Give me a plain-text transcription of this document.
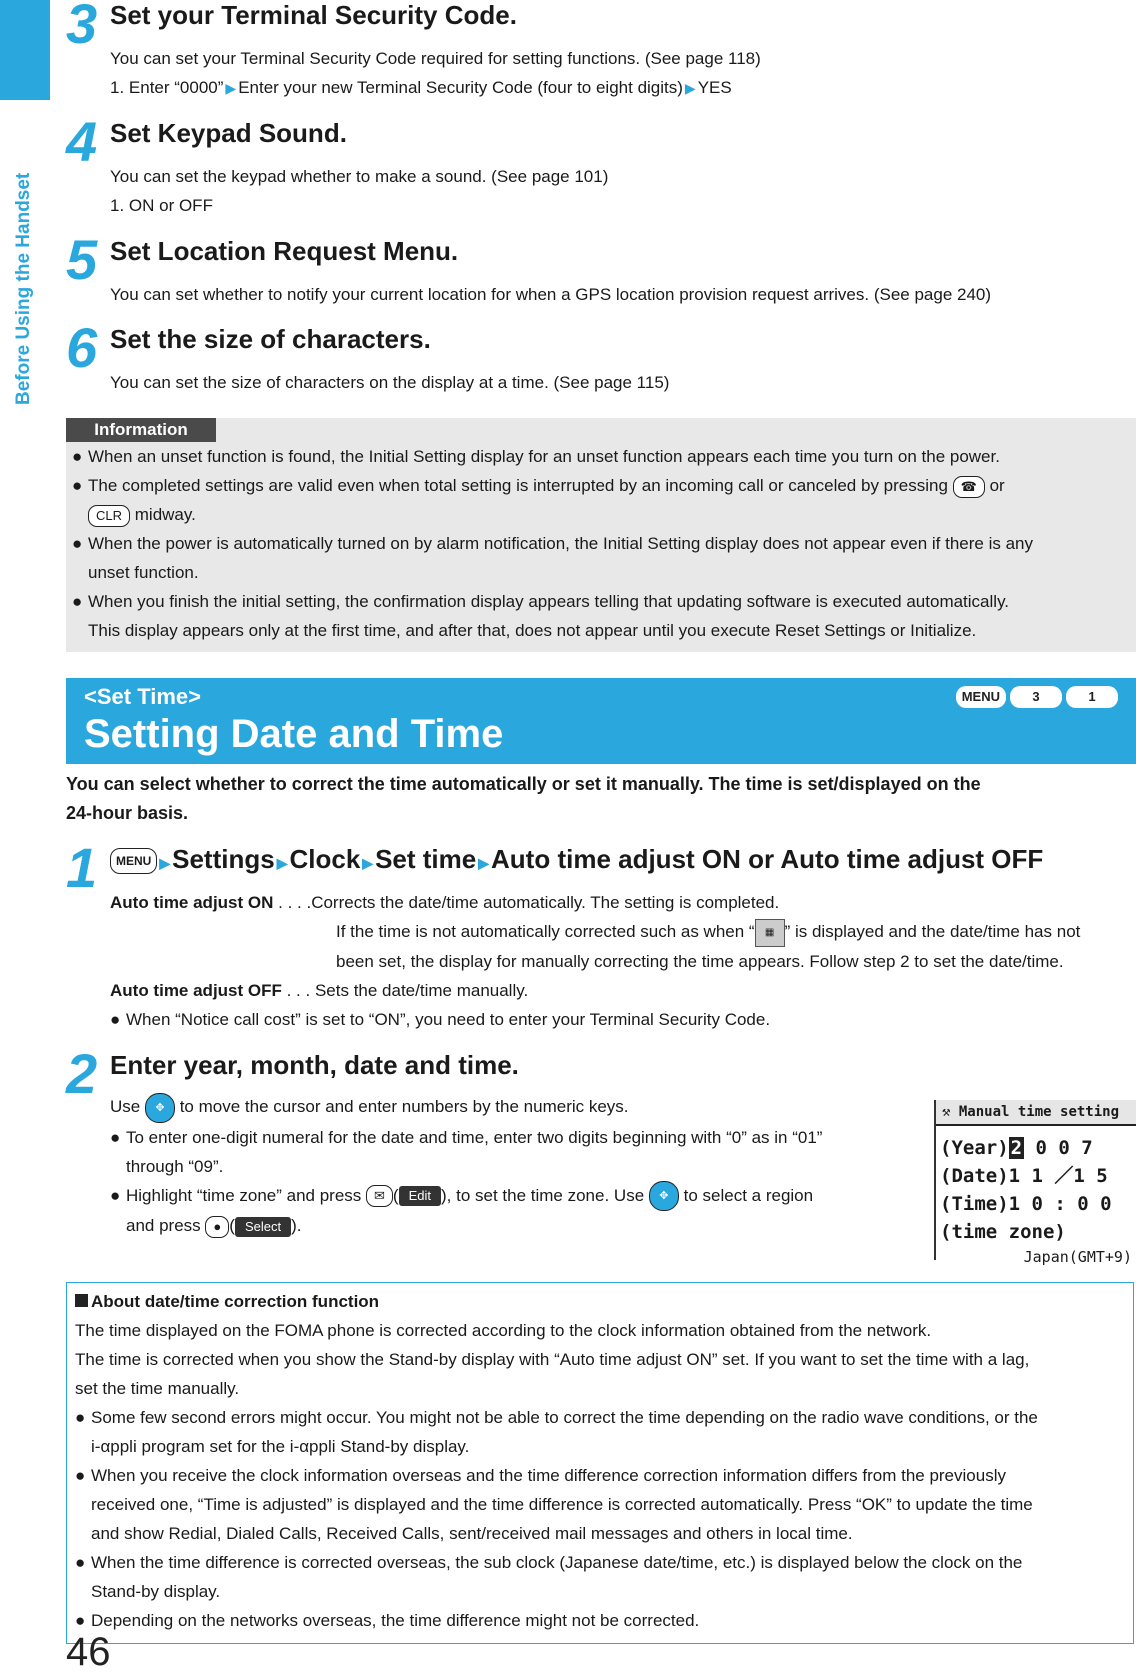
Before Using the Handset
3 Set your Terminal Security Code.
You can set your Terminal Security Code required for setting functions. (See page 118)
1. Enter “0000” ▶ Enter your new Terminal Security Code (four to eight digits) ▶ YES
4 Set Keypad Sound.
You can set the keypad whether to make a sound. (See page 101)
1. ON or OFF
5 Set Location Request Menu.
You can set whether to notify your current location for when a GPS location provision request arrives. (See page 240)
6 Set the size of characters.
You can set the size of characters on the display at a time. (See page 115)
Information
● When an unset function is found, the Initial Setting display for an unset function appears each time you turn on the power.
● The completed settings are valid even when total setting is interrupted by an incoming call or canceled by pressing ☎ or
CLR midway.
● When the power is automatically turned on by alarm notification, the Initial Setting display does not appear even if there is any
unset function.
● When you finish the initial setting, the confirmation display appears telling that updating software is executed automatically.
This display appears only at the first time, and after that, does not appear until you execute Reset Settings or Initialize.
<Set Time>
Setting Date and Time
MENU 3	1
You can select whether to correct the time automatically or set it manually. The time is set/displayed on the
24-hour basis.
1	MENU ▶Settings ▶Clock ▶Set time ▶Auto time adjust ON or Auto time adjust OFF
Auto time adjust ON . . . .Corrects the date/time automatically. The setting is completed.
If the time is not automatically corrected such as when “ ▦ ” is displayed and the date/time has not
been set, the display for manually correcting the time appears. Follow step 2 to set the date/time.
Auto time adjust OFF . . . Sets the date/time manually.
● When “Notice call cost” is set to “ON”, you need to enter your Terminal Security Code.
2 Enter year, month, date and time.
Use ✥ to move the cursor and enter numbers by the numeric keys.
● To enter one-digit numeral for the date and time, enter two digits beginning with “0” as in “01”
through “09”.
● Highlight “time zone” and press ✉ ( Edit ), to set the time zone. Use ✥ to select a region
and press ● ( Select ).
⚒ Manual time setting
(Year) 2 0 0 7
(Date)1 1 ／1 5
(Time)1 0 : 0 0
(time zone)
Japan(GMT+9)
About date/time correction function
The time displayed on the FOMA phone is corrected according to the clock information obtained from the network.
The time is corrected when you show the Stand-by display with “Auto time adjust ON” set. If you want to set the time with a lag,
set the time manually.
● Some few second errors might occur. You might not be able to correct the time depending on the radio wave conditions, or the
i-αppli program set for the i-αppli Stand-by display.
● When you receive the clock information overseas and the time difference correction information differs from the previously
received one, “Time is adjusted” is displayed and the time difference is corrected automatically. Press “OK” to update the time
and show Redial, Dialed Calls, Received Calls, sent/received mail messages and others in local time.
● When the time difference is corrected overseas, the sub clock (Japanese date/time, etc.) is displayed below the clock on the
Stand-by display.
● Depending on the networks overseas, the time difference might not be corrected.
46
